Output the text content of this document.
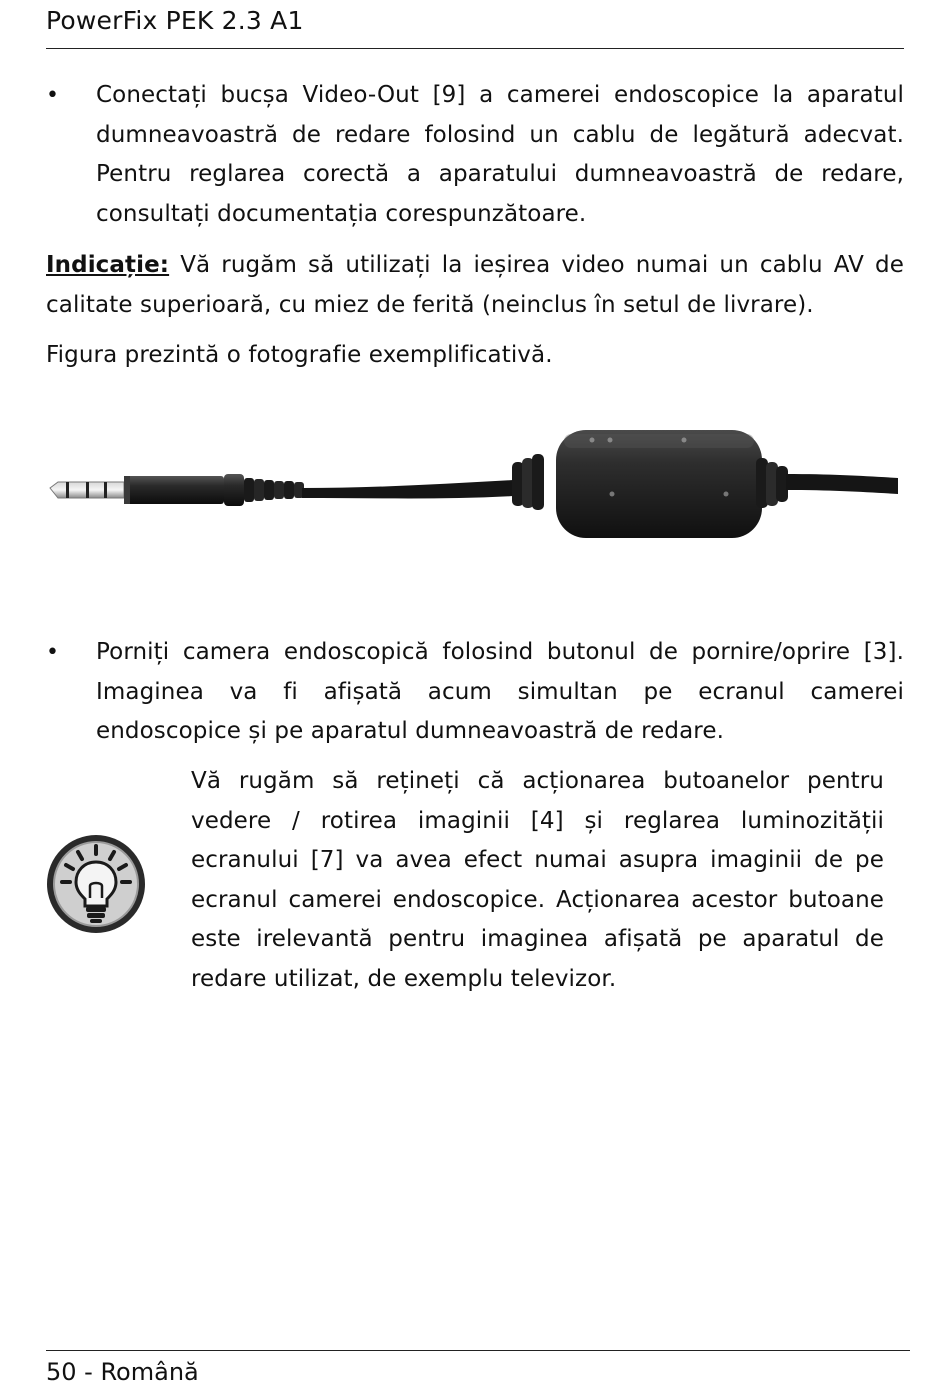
PowerFix PEK 2.3 A1
• Conectați bucșa Video-Out [9] a camerei endoscopice la aparatul dumneavoastră de redare folosind un cablu de legătură adecvat. Pentru reglarea corectă a aparatului dumneavoastră de redare, consultați documentația corespunzătoare.
Indicație: Vă rugăm să utilizați la ieșirea video numai un cablu AV de calitate superioară, cu miez de ferită (neinclus în setul de livrare).
Figura prezintă o fotografie exemplificativă.
• Porniți camera endoscopică folosind butonul de pornire/oprire [3]. Imaginea va fi afișată acum simultan pe ecranul camerei endoscopice și pe aparatul dumneavoastră de redare.
Vă rugăm să rețineți că acționarea butoanelor pentru vedere / rotirea imaginii [4] și reglarea luminozității ecranului [7] va avea efect numai asupra imaginii de pe ecranul camerei endoscopice. Acționarea acestor butoane este irelevantă pentru imaginea afișată pe aparatul de redare utilizat, de exemplu televizor.
50 - Română
